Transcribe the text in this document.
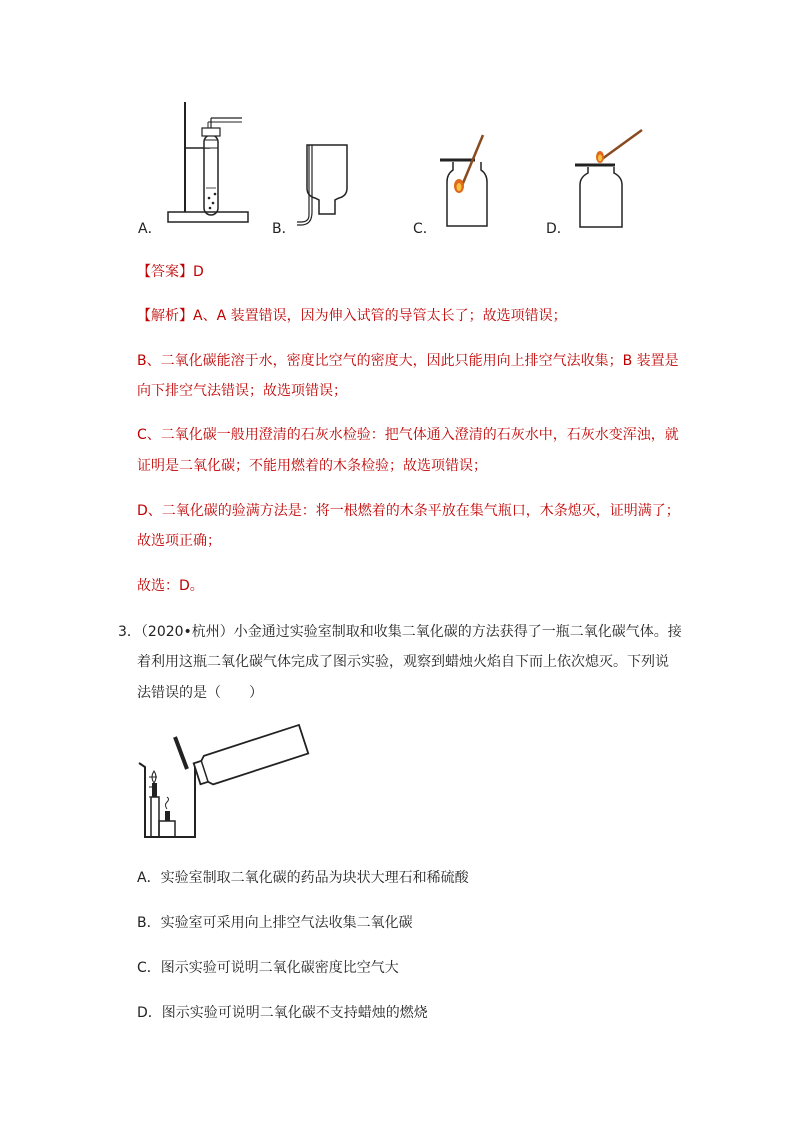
A．	B．	C．	D．
【答案】D
【解析】A、A 装置错误，因为伸入试管的导管太长了；故选项错误；
B、二氧化碳能溶于水，密度比空气的密度大，因此只能用向上排空气法收集；B 装置是
向下排空气法错误；故选项错误；
C、二氧化碳一般用澄清的石灰水检验：把气体通入澄清的石灰水中，石灰水变浑浊，就
证明是二氧化碳；不能用燃着的木条检验；故选项错误；
D、二氧化碳的验满方法是：将一根燃着的木条平放在集气瓶口，木条熄灭，证明满了；
故选项正确；
故选：D。
3．（2020•杭州）小金通过实验室制取和收集二氧化碳的方法获得了一瓶二氧化碳气体。接
着利用这瓶二氧化碳气体完成了图示实验，观察到蜡烛火焰自下而上依次熄灭。下列说
法错误的是（　　）
A．实验室制取二氧化碳的药品为块状大理石和稀硫酸
B．实验室可采用向上排空气法收集二氧化碳
C．图示实验可说明二氧化碳密度比空气大
D．图示实验可说明二氧化碳不支持蜡烛的燃烧
